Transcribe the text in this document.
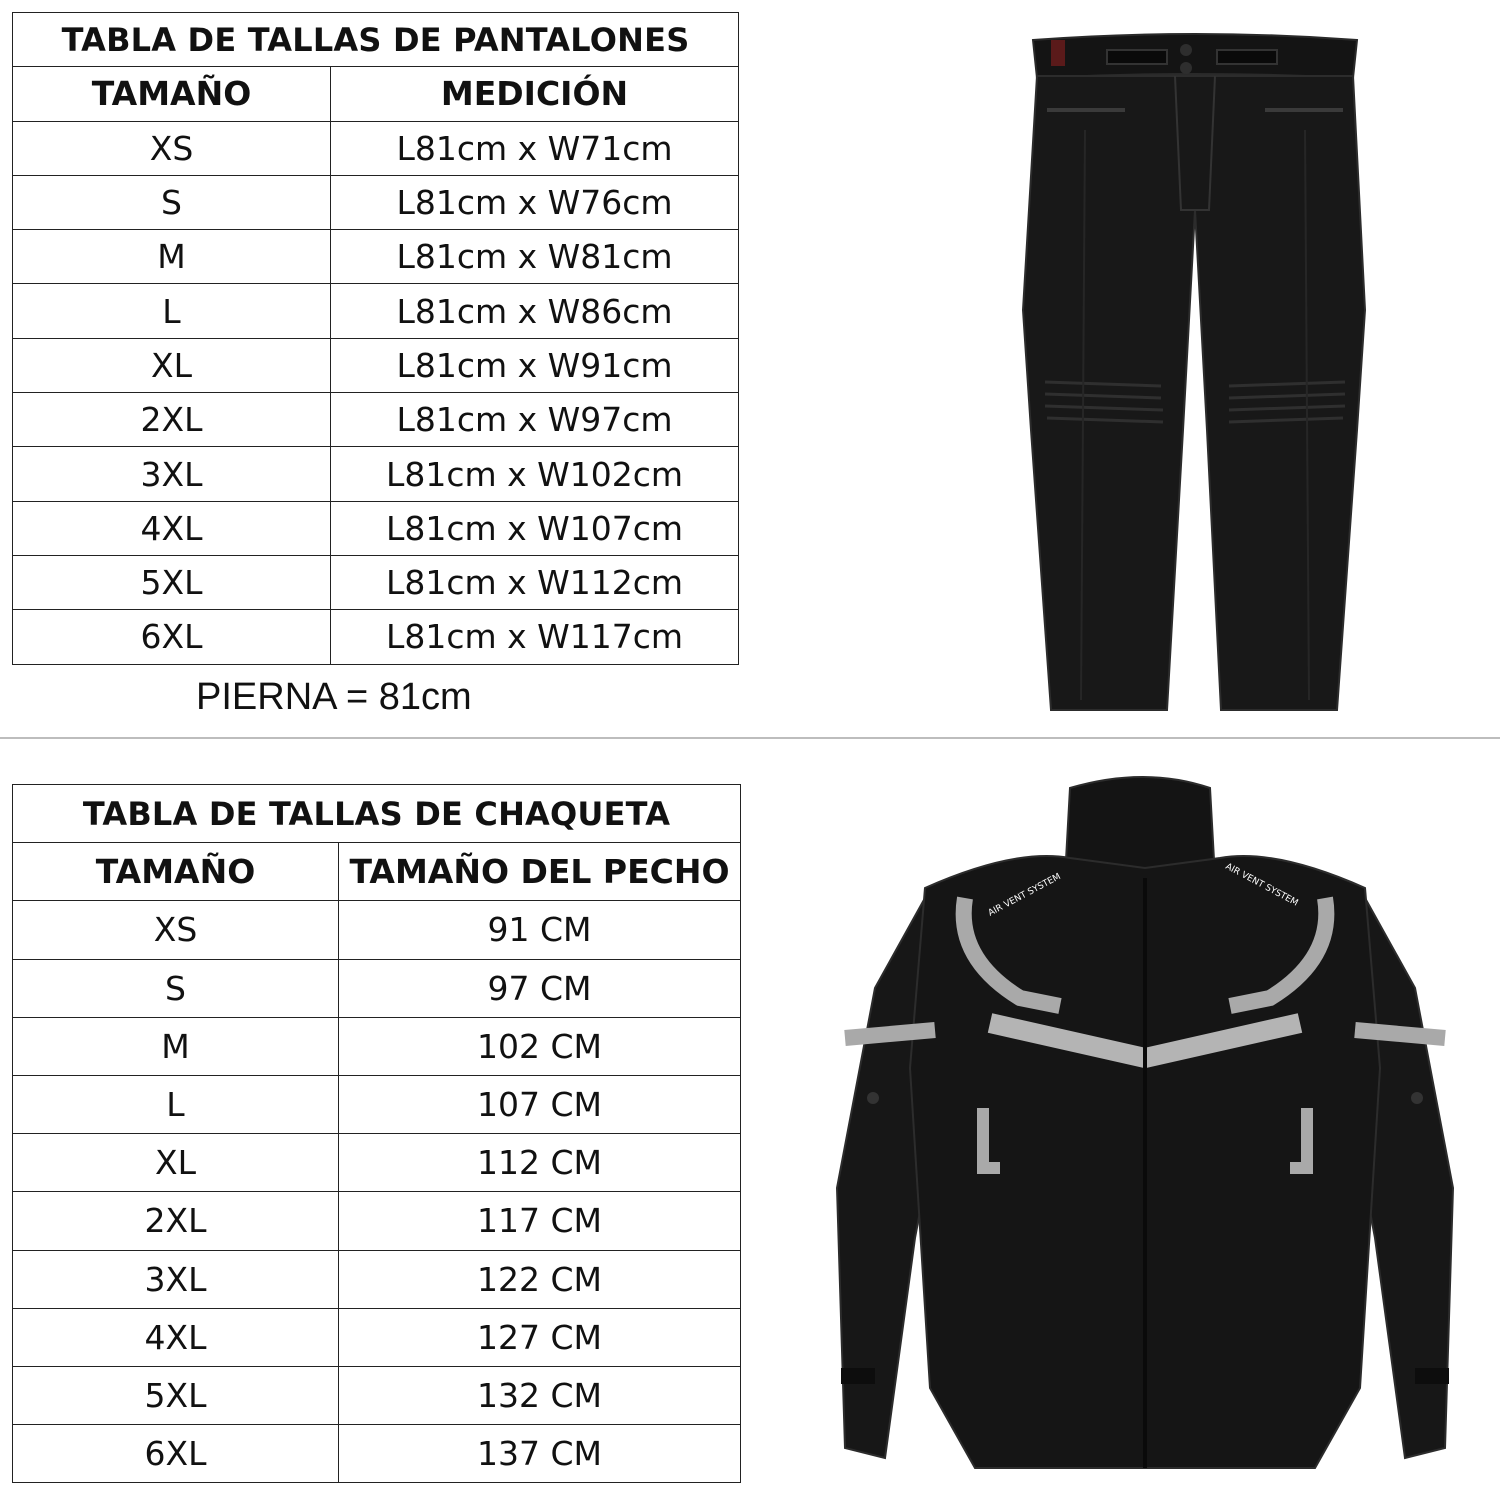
TABLA DE TALLAS DE PANTALONES	
TAMAÑO	MEDICIÓN
XS	L81cm x W71cm
S	L81cm x W76cm
M	L81cm x W81cm
L	L81cm x W86cm
XL	L81cm x W91cm
2XL	L81cm x W97cm
3XL	L81cm x W102cm
4XL	L81cm x W107cm
5XL	L81cm x W112cm
6XL	L81cm x W117cm
PIERNA = 81cm
TABLA DE TALLAS DE CHAQUETA	
TAMAÑO	TAMAÑO DEL PECHO
XS	91 CM
S	97 CM
M	102 CM
L	107 CM
XL	112 CM
2XL	117 CM
3XL	122 CM
4XL	127 CM
5XL	132 CM
6XL	137 CM
AIR VENT SYSTEM	AIR VENT SYSTEM
